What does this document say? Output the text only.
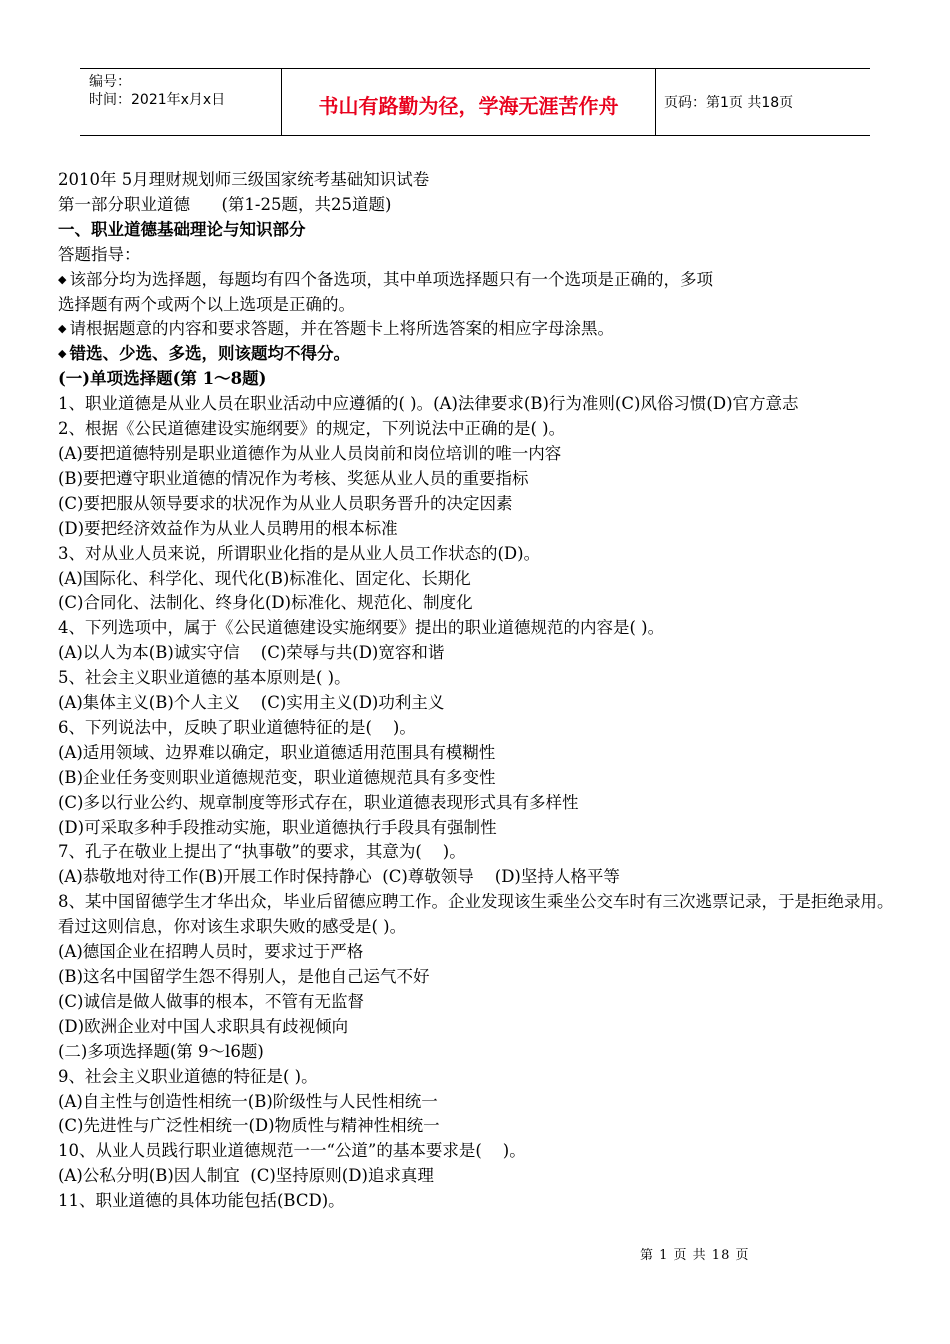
编号：
时间：2021年x月x日	书山有路勤为径，学海无涯苦作舟	页码：第1页 共18页
2010年 5月理财规划师三级国家统考基础知识试卷
第一部分职业道德      (第1-25题，共25道题)
一、职业道德基础理论与知识部分
答题指导：
◆ 该部分均为选择题，每题均有四个备选项，其中单项选择题只有一个选项是正确的，多项
选择题有两个或两个以上选项是正确的。
◆ 请根据题意的内容和要求答题，并在答题卡上将所选答案的相应字母涂黑。
◆ 错选、少选、多选，则该题均不得分。
(一)单项选择题(第 1～8题)
1、职业道德是从业人员在职业活动中应遵循的( )。(A)法律要求(B)行为准则(C)风俗习惯(D)官方意志
2、根据《公民道德建设实施纲要》的规定，下列说法中正确的是( )。
(A)要把道德特别是职业道德作为从业人员岗前和岗位培训的唯一内容
(B)要把遵守职业道德的情况作为考核、奖惩从业人员的重要指标
(C)要把服从领导要求的状况作为从业人员职务晋升的决定因素
(D)要把经济效益作为从业人员聘用的根本标准
3、对从业人员来说，所谓职业化指的是从业人员工作状态的(D)。
(A)国际化、科学化、现代化(B)标准化、固定化、长期化
(C)合同化、法制化、终身化(D)标准化、规范化、制度化
4、下列选项中，属于《公民道德建设实施纲要》提出的职业道德规范的内容是( )。
(A)以人为本(B)诚实守信    (C)荣辱与共(D)宽容和谐
5、社会主义职业道德的基本原则是( )。
(A)集体主义(B)个人主义    (C)实用主义(D)功利主义
6、下列说法中，反映了职业道德特征的是(    )。
(A)适用领域、边界难以确定，职业道德适用范围具有模糊性
(B)企业任务变则职业道德规范变，职业道德规范具有多变性
(C)多以行业公约、规章制度等形式存在，职业道德表现形式具有多样性
(D)可采取多种手段推动实施，职业道德执行手段具有强制性
7、孔子在敬业上提出了“执事敬”的要求，其意为(    )。
(A)恭敬地对待工作(B)开展工作时保持静心  (C)尊敬领导    (D)坚持人格平等
8、某中国留德学生才华出众，毕业后留德应聘工作。企业发现该生乘坐公交车时有三次逃票记录，于是拒绝录用。看过这则信息，你对该生求职失败的感受是( )。
(A)德国企业在招聘人员时，要求过于严格
(B)这名中国留学生怨不得别人，是他自己运气不好
(C)诚信是做人做事的根本，不管有无监督
(D)欧洲企业对中国人求职具有歧视倾向
(二)多项选择题(第 9～l6题)
9、社会主义职业道德的特征是( )。
(A)自主性与创造性相统一(B)阶级性与人民性相统一
(C)先进性与广泛性相统一(D)物质性与精神性相统一
10、从业人员践行职业道德规范一一“公道”的基本要求是(    )。
(A)公私分明(B)因人制宜  (C)坚持原则(D)追求真理
11、职业道德的具体功能包括(BCD)。
第 1 页 共 18 页
